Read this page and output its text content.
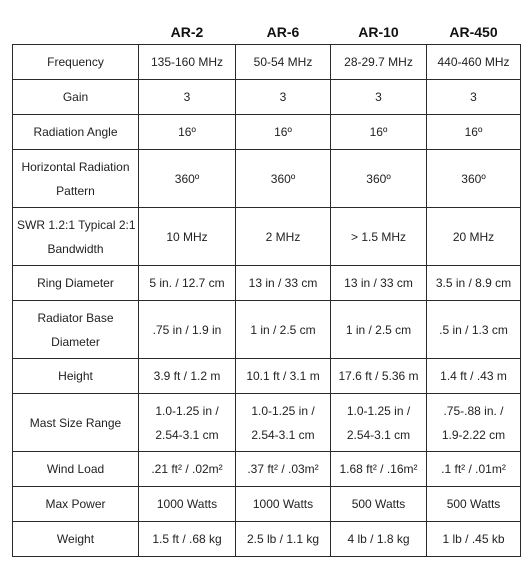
	AR-2	AR-6	AR-10	AR-450

Frequency	135-160 MHz	50-54 MHz	28-29.7 MHz	440-460 MHz

Gain	3	3	3	3

Radiation Angle	16º	16º	16º	16º

Horizontal Radiation
Pattern	360º	360º	360º	360º

SWR 1.2:1 Typical 2:1
Bandwidth	10 MHz	2 MHz	> 1.5 MHz	20 MHz

Ring Diameter	5 in. / 12.7 cm	13 in / 33 cm	13 in / 33 cm	3.5 in / 8.9 cm

Radiator Base
Diameter	.75 in / 1.9 in	1 in / 2.5 cm	1 in / 2.5 cm	.5 in / 1.3 cm

Height	3.9 ft / 1.2 m	10.1 ft / 3.1 m	17.6 ft / 5.36 m	1.4 ft / .43 m

Mast Size Range	1.0-1.25 in /
2.54-3.1 cm	1.0-1.25 in /
2.54-3.1 cm	1.0-1.25 in /
2.54-3.1 cm	.75-.88 in. /
1.9-2.22 cm

Wind Load	.21 ft² / .02m²	.37 ft² / .03m²	1.68 ft² / .16m²	.1 ft² / .01m²

Max Power	1000 Watts	1000 Watts	500 Watts	500 Watts

Weight	1.5 ft / .68 kg	2.5 lb / 1.1 kg	4 lb / 1.8 kg	1 lb / .45 kb
